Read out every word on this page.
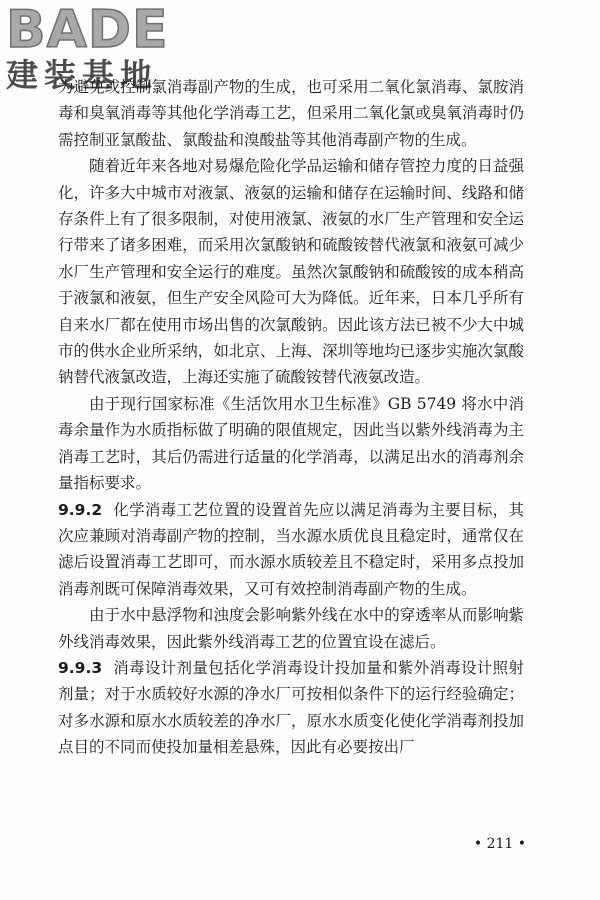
BADE
建装基地

为避免或控制氯消毒副产物的生成，也可采用二氧化氯消毒、氯胺消毒和臭氧消毒等其他化学消毒工艺，但采用二氧化氯或臭氧消毒时仍需控制亚氯酸盐、氯酸盐和溴酸盐等其他消毒副产物的生成。

随着近年来各地对易爆危险化学品运输和储存管控力度的日益强化，许多大中城市对液氯、液氨的运输和储存在运输时间、线路和储存条件上有了很多限制，对使用液氯、液氨的水厂生产管理和安全运行带来了诸多困难，而采用次氯酸钠和硫酸铵替代液氯和液氨可减少水厂生产管理和安全运行的难度。虽然次氯酸钠和硫酸铵的成本稍高于液氯和液氨，但生产安全风险可大为降低。近年来，日本几乎所有自来水厂都在使用市场出售的次氯酸钠。因此该方法已被不少大中城市的供水企业所采纳，如北京、上海、深圳等地均已逐步实施次氯酸钠替代液氯改造，上海还实施了硫酸铵替代液氨改造。

由于现行国家标准《生活饮用水卫生标准》GB 5749 将水中消毒余量作为水质指标做了明确的限值规定，因此当以紫外线消毒为主消毒工艺时，其后仍需进行适量的化学消毒，以满足出水的消毒剂余量指标要求。

9.9.2 化学消毒工艺位置的设置首先应以满足消毒为主要目标，其次应兼顾对消毒副产物的控制，当水源水质优良且稳定时，通常仅在滤后设置消毒工艺即可，而水源水质较差且不稳定时，采用多点投加消毒剂既可保障消毒效果，又可有效控制消毒副产物的生成。

由于水中悬浮物和浊度会影响紫外线在水中的穿透率从而影响紫外线消毒效果，因此紫外线消毒工艺的位置宜设在滤后。

9.9.3 消毒设计剂量包括化学消毒设计投加量和紫外消毒设计照射剂量；对于水质较好水源的净水厂可按相似条件下的运行经验确定；对多水源和原水水质较差的净水厂，原水水质变化使化学消毒剂投加点目的不同而使投加量相差悬殊，因此有必要按出厂

• 211 •
